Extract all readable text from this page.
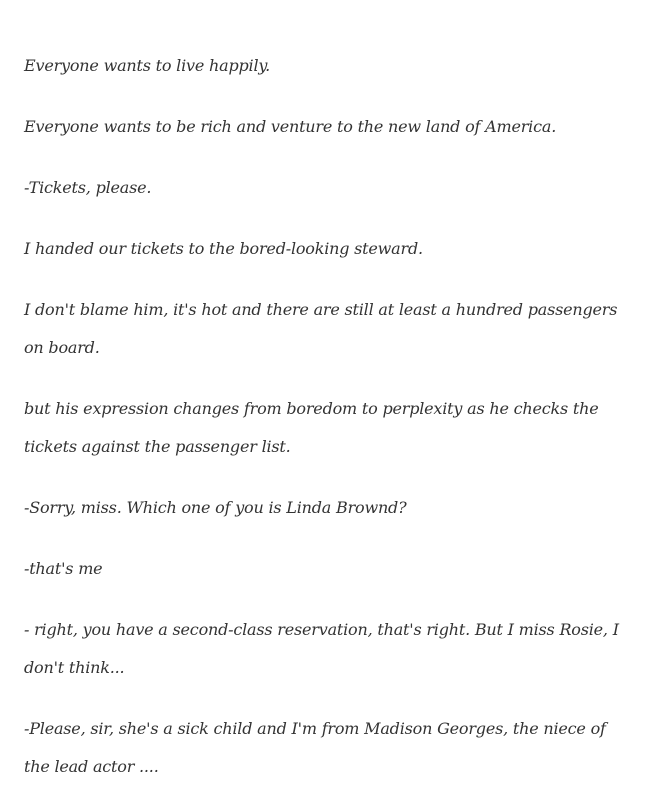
Everyone wants to live happily.

Everyone wants to be rich and venture to the new land of America.

-Tickets, please.

I handed our tickets to the bored-looking steward.

I don't blame him, it's hot and there are still at least a hundred passengers on board.

but his expression changes from boredom to perplexity as he checks the tickets against the passenger list.

-Sorry, miss. Which one of you is Linda Brownd?

-that's me

- right, you have a second-class reservation, that's right. But I miss Rosie, I don't think...

-Please, sir, she's a sick child and I'm from Madison Georges, the niece of the lead actor ....
